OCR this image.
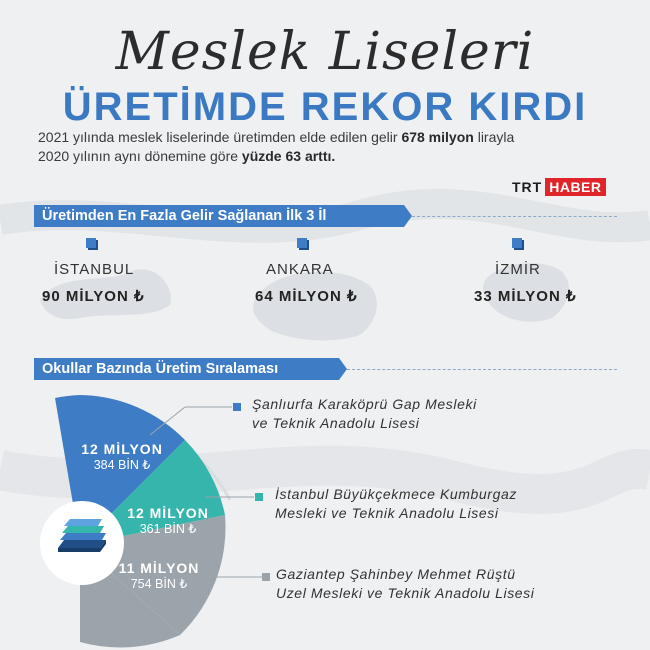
Meslek Liseleri
ÜRETİMDE REKOR KIRDI
2021 yılında meslek liselerinde üretimden elde edilen gelir 678 milyon lirayla
2020 yılının aynı dönemine göre yüzde 63 arttı.
TRT HABER
Üretimden En Fazla Gelir Sağlanan İlk 3 İl
İSTANBUL
90 MİLYON ₺
ANKARA
64 MİLYON ₺
İZMİR
33 MİLYON ₺
Okullar Bazında Üretim Sıralaması
12 MİLYON
384 BİN ₺
12 MİLYON
361 BİN ₺
11 MİLYON
754 BİN ₺
Şanlıurfa Karaköprü Gap Mesleki
ve Teknik Anadolu Lisesi
İstanbul Büyükçekmece Kumburgaz
Mesleki ve Teknik Anadolu Lisesi
Gaziantep Şahinbey Mehmet Rüştü
Uzel Mesleki ve Teknik Anadolu Lisesi
